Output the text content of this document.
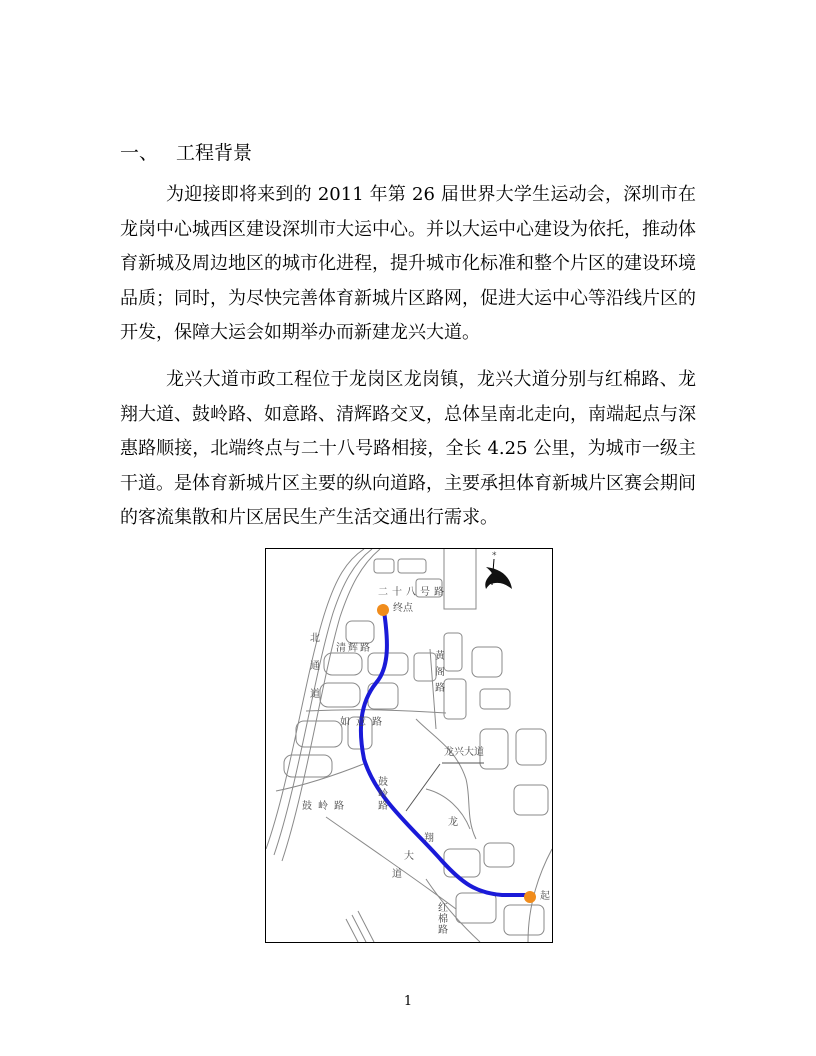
一、 工程背景

为迎接即将来到的 2011 年第 26 届世界大学生运动会，深圳市在龙岗中心城西区建设深圳市大运中心。并以大运中心建设为依托，推动体育新城及周边地区的城市化进程，提升城市化标准和整个片区的建设环境品质；同时，为尽快完善体育新城片区路网，促进大运中心等沿线片区的开发，保障大运会如期举办而新建龙兴大道。

龙兴大道市政工程位于龙岗区龙岗镇，龙兴大道分别与红棉路、龙翔大道、鼓岭路、如意路、清辉路交叉，总体呈南北走向，南端起点与深惠路顺接，北端终点与二十八号路相接，全长 4.25 公里，为城市一级主干道。是体育新城片区主要的纵向道路，主要承担体育新城片区赛会期间的客流集散和片区居民生产生活交通出行需求。

*
二十八号路
终点
北通道
清辉路
黄阁路
如意路
龙兴大道
鼓岭路
鼓岭路
龙
翔
大
道
红棉路
起
1
